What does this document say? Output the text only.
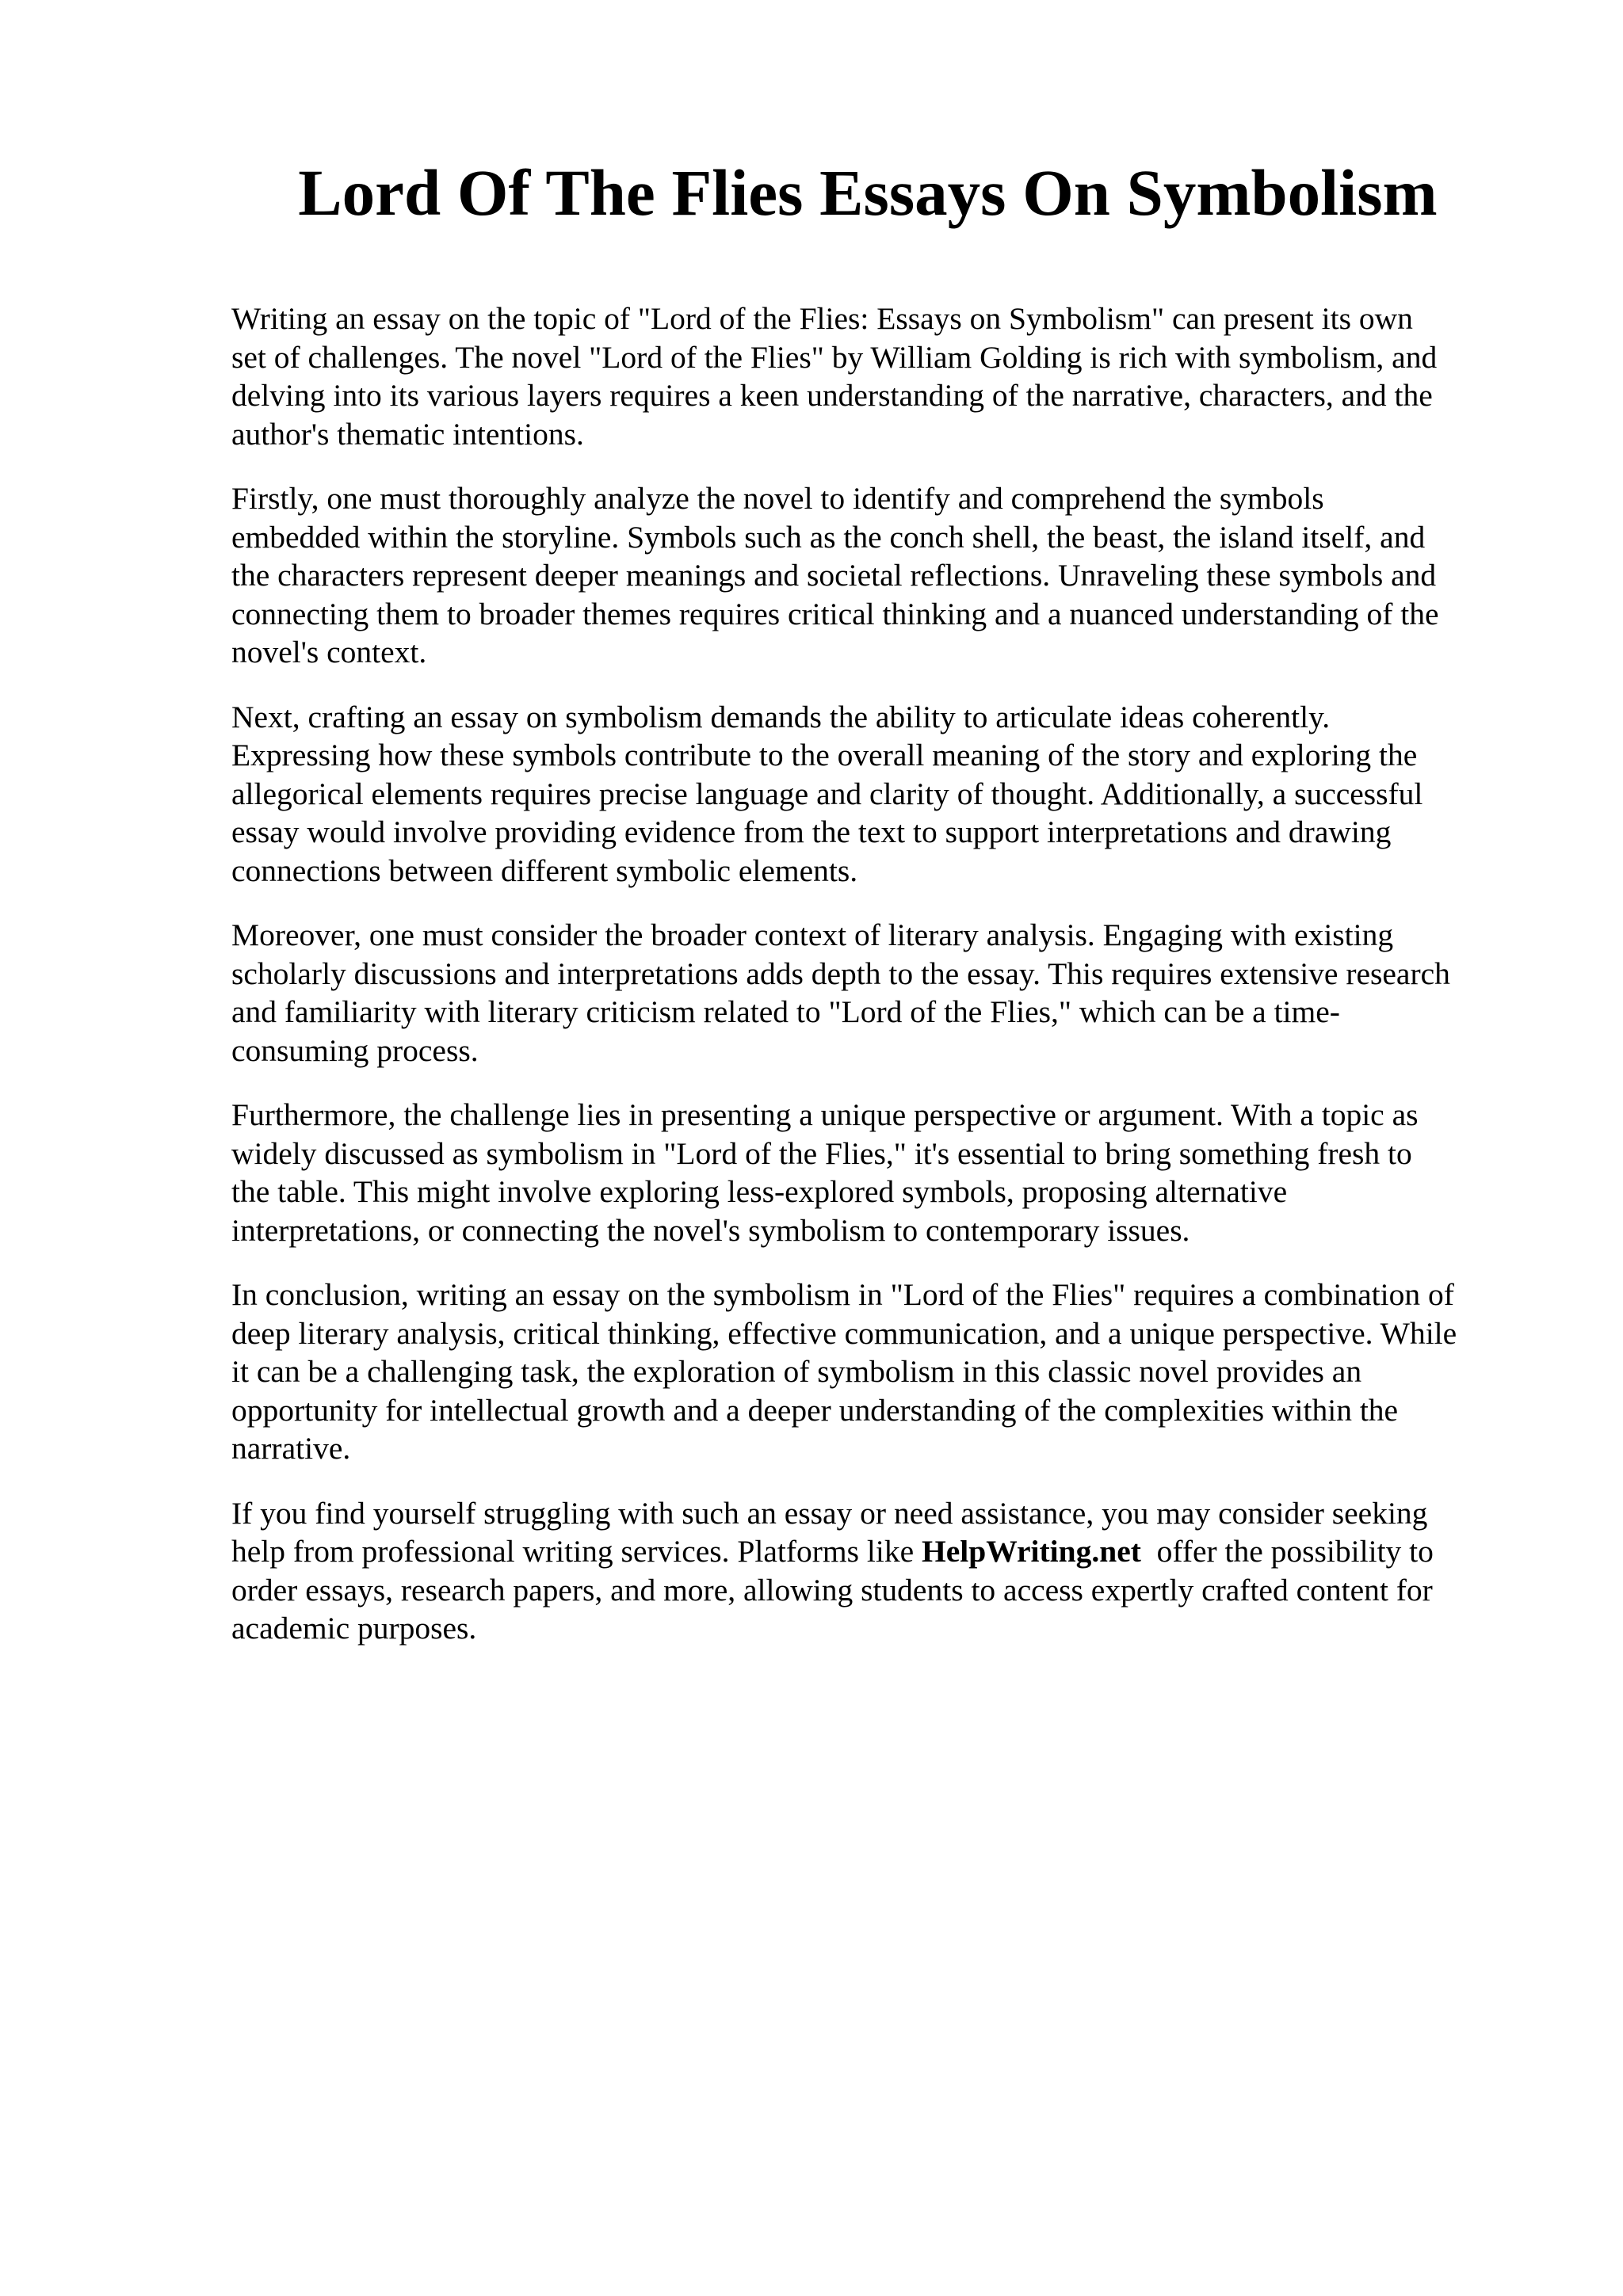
Lord Of The Flies Essays On Symbolism

Writing an essay on the topic of "Lord of the Flies: Essays on Symbolism" can present its own
set of challenges. The novel "Lord of the Flies" by William Golding is rich with symbolism, and
delving into its various layers requires a keen understanding of the narrative, characters, and the
author's thematic intentions.

Firstly, one must thoroughly analyze the novel to identify and comprehend the symbols
embedded within the storyline. Symbols such as the conch shell, the beast, the island itself, and
the characters represent deeper meanings and societal reflections. Unraveling these symbols and
connecting them to broader themes requires critical thinking and a nuanced understanding of the
novel's context.

Next, crafting an essay on symbolism demands the ability to articulate ideas coherently.
Expressing how these symbols contribute to the overall meaning of the story and exploring the
allegorical elements requires precise language and clarity of thought. Additionally, a successful
essay would involve providing evidence from the text to support interpretations and drawing
connections between different symbolic elements.

Moreover, one must consider the broader context of literary analysis. Engaging with existing
scholarly discussions and interpretations adds depth to the essay. This requires extensive research
and familiarity with literary criticism related to "Lord of the Flies," which can be a time-
consuming process.

Furthermore, the challenge lies in presenting a unique perspective or argument. With a topic as
widely discussed as symbolism in "Lord of the Flies," it's essential to bring something fresh to
the table. This might involve exploring less-explored symbols, proposing alternative
interpretations, or connecting the novel's symbolism to contemporary issues.

In conclusion, writing an essay on the symbolism in "Lord of the Flies" requires a combination of
deep literary analysis, critical thinking, effective communication, and a unique perspective. While
it can be a challenging task, the exploration of symbolism in this classic novel provides an
opportunity for intellectual growth and a deeper understanding of the complexities within the
narrative.

If you find yourself struggling with such an essay or need assistance, you may consider seeking
help from professional writing services. Platforms like HelpWriting.net  offer the possibility to
order essays, research papers, and more, allowing students to access expertly crafted content for
academic purposes.
